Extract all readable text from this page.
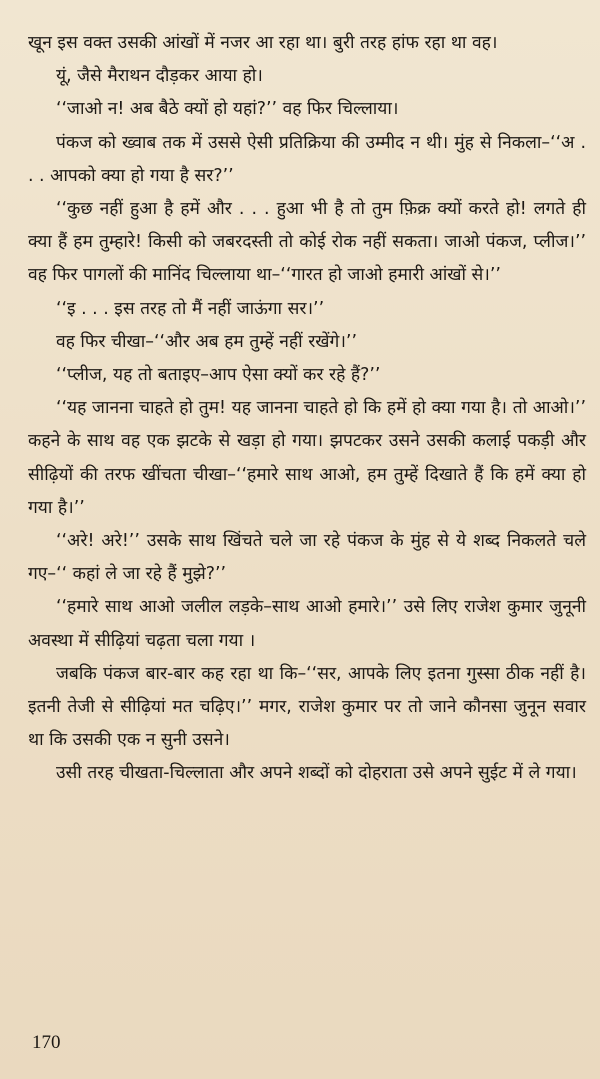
खून इस वक्त उसकी आंखों में नजर आ रहा था। बुरी तरह हांफ रहा था वह।

यूं, जैसे मैराथन दौड़कर आया हो।

‘‘जाओ न! अब बैठे क्यों हो यहां?’’ वह फिर चिल्लाया।

पंकज को ख्वाब तक में उससे ऐसी प्रतिक्रिया की उम्मीद न थी। मुंह से निकला–‘‘अ . . . आपको क्या हो गया है सर?’’

‘‘कुछ नहीं हुआ है हमें और . . . हुआ भी है तो तुम फ़िक्र क्यों करते हो! लगते ही क्या हैं हम तुम्हारे! किसी को जबरदस्ती तो कोई रोक नहीं सकता। जाओ पंकज, प्लीज।’’ वह फिर पागलों की मानिंद चिल्लाया था–‘‘गारत हो जाओ हमारी आंखों से।’’

‘‘इ . . . इस तरह तो मैं नहीं जाऊंगा सर।’’

वह फिर चीखा–‘‘और अब हम तुम्हें नहीं रखेंगे।’’

‘‘प्लीज, यह तो बताइए–आप ऐसा क्यों कर रहे हैं?’’

‘‘यह जानना चाहते हो तुम! यह जानना चाहते हो कि हमें हो क्या गया है। तो आओ।’’ कहने के साथ वह एक झटके से खड़ा हो गया। झपटकर उसने उसकी कलाई पकड़ी और सीढ़ियों की तरफ खींचता चीखा–‘‘हमारे साथ आओ, हम तुम्हें दिखाते हैं कि हमें क्या हो गया है।’’

‘‘अरे! अरे!’’ उसके साथ खिंचते चले जा रहे पंकज के मुंह से ये शब्द निकलते चले गए–‘‘ कहां ले जा रहे हैं मुझे?’’

‘‘हमारे साथ आओ जलील लड़के–साथ आओ हमारे।’’ उसे लिए राजेश कुमार जुनूनी अवस्था में सीढ़ियां चढ़ता चला गया ।

जबकि पंकज बार-बार कह रहा था कि–‘‘सर, आपके लिए इतना गुस्सा ठीक नहीं है। इतनी तेजी से सीढ़ियां मत चढ़िए।’’ मगर, राजेश कुमार पर तो जाने कौनसा जुनून सवार था कि उसकी एक न सुनी उसने।

उसी तरह चीखता-चिल्लाता और अपने शब्दों को दोहराता उसे अपने सुईट में ले गया।

170
